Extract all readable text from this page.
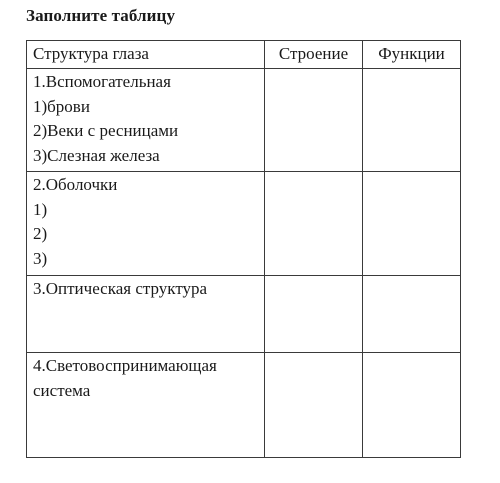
Заполните таблицу
Структура глаза	Строение	Функции

1.Вспомогательная
1)брови
2)Веки с ресницами
3)Слезная железа		

2.Оболочки
1)
2)
3)		

3.Оптическая структура		

4.Световоспринимающая
система		
